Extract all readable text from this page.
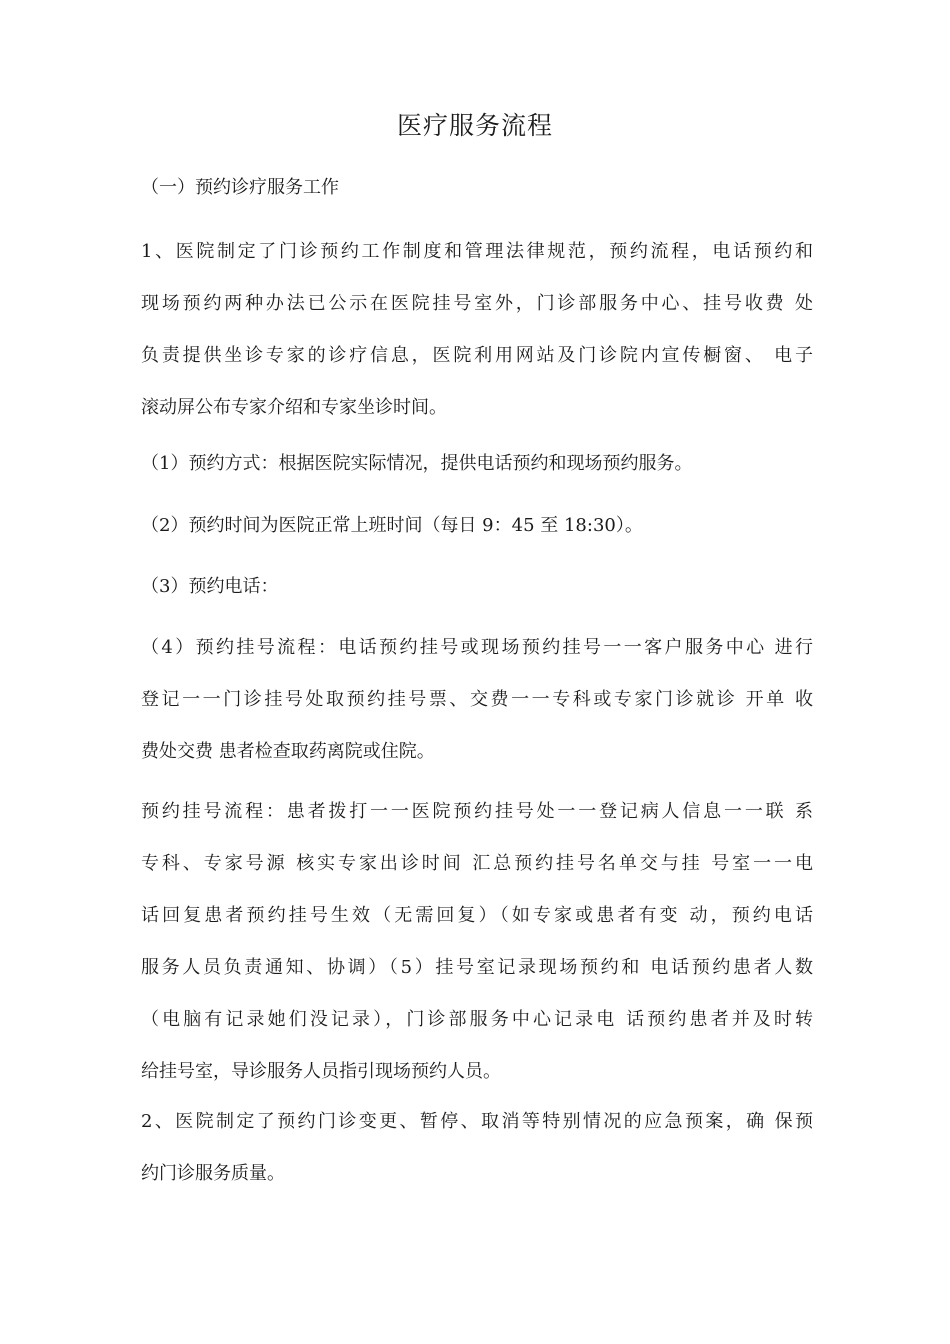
医疗服务流程
（一）预约诊疗服务工作
1、医院制定了门诊预约工作制度和管理法律规范，预约流程，电话预约和
现场预约两种办法已公示在医院挂号室外，门诊部服务中心、挂号收费 处
负责提供坐诊专家的诊疗信息，医院利用网站及门诊院内宣传橱窗、 电子
滚动屏公布专家介绍和专家坐诊时间。
（1）预约方式：根据医院实际情况，提供电话预约和现场预约服务。
（2）预约时间为医院正常上班时间（每日 9：45 至 18:30）。
（3）预约电话：
（4）预约挂号流程：电话预约挂号或现场预约挂号一一客户服务中心 进行
登记一一门诊挂号处取预约挂号票、交费一一专科或专家门诊就诊 开单 收
费处交费 患者检查取药离院或住院。
预约挂号流程：患者拨打一一医院预约挂号处一一登记病人信息一一联 系
专科、专家号源 核实专家出诊时间 汇总预约挂号名单交与挂 号室一一电
话回复患者预约挂号生效（无需回复）（如专家或患者有变 动，预约电话
服务人员负责通知、协调）（5）挂号室记录现场预约和 电话预约患者人数
（电脑有记录她们没记录），门诊部服务中心记录电 话预约患者并及时转
给挂号室，导诊服务人员指引现场预约人员。
2、医院制定了预约门诊变更、暂停、取消等特别情况的应急预案，确 保预
约门诊服务质量。
